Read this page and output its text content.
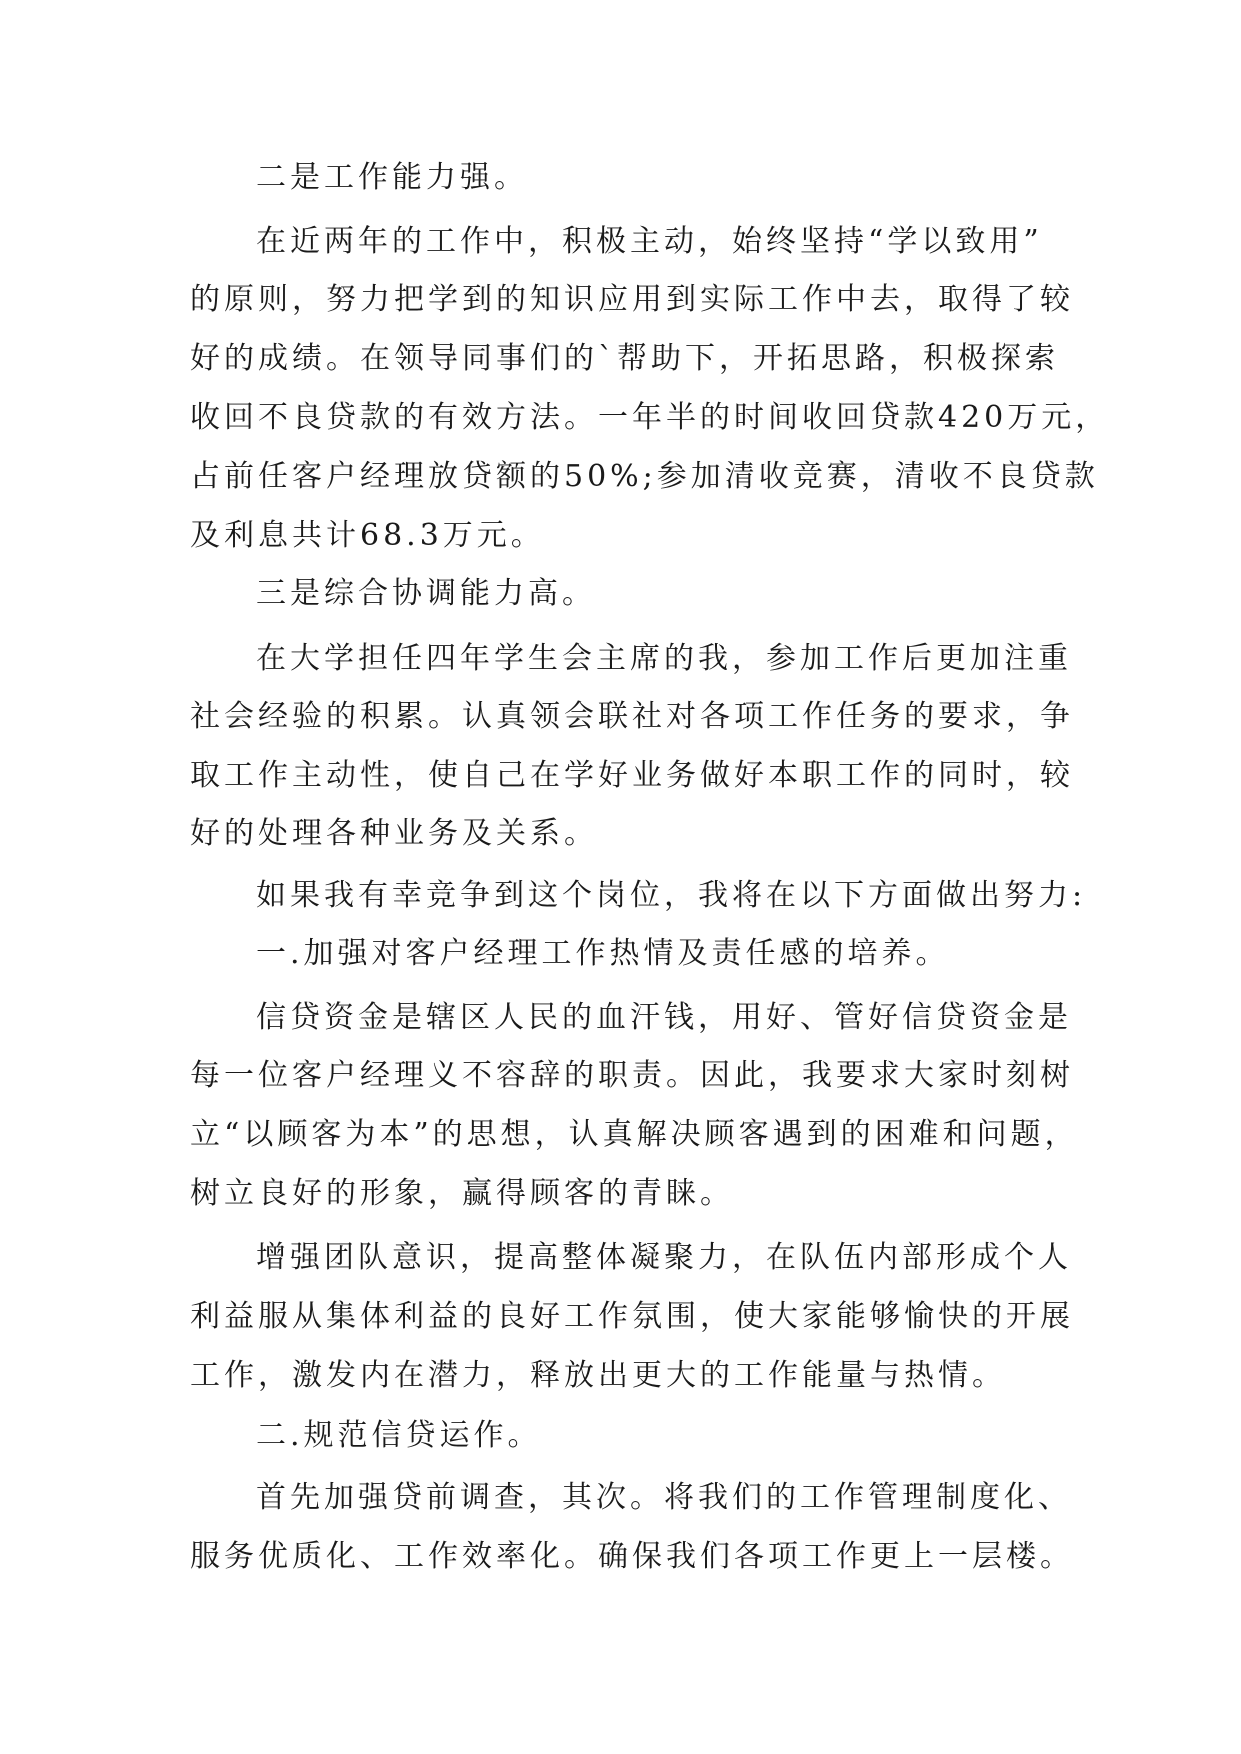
二是工作能力强。
在近两年的工作中，积极主动，始终坚持“学以致用”
的原则，努力把学到的知识应用到实际工作中去，取得了较
好的成绩。在领导同事们的`帮助下，开拓思路，积极探索
收回不良贷款的有效方法。一年半的时间收回贷款420万元，
占前任客户经理放贷额的50%;参加清收竞赛，清收不良贷款
及利息共计68.3万元。
三是综合协调能力高。
在大学担任四年学生会主席的我，参加工作后更加注重
社会经验的积累。认真领会联社对各项工作任务的要求，争
取工作主动性，使自己在学好业务做好本职工作的同时，较
好的处理各种业务及关系。
如果我有幸竞争到这个岗位，我将在以下方面做出努力:
一.加强对客户经理工作热情及责任感的培养。
信贷资金是辖区人民的血汗钱，用好、管好信贷资金是
每一位客户经理义不容辞的职责。因此，我要求大家时刻树
立“以顾客为本”的思想，认真解决顾客遇到的困难和问题，
树立良好的形象，赢得顾客的青睐。
增强团队意识，提高整体凝聚力，在队伍内部形成个人
利益服从集体利益的良好工作氛围，使大家能够愉快的开展
工作，激发内在潜力，释放出更大的工作能量与热情。
二.规范信贷运作。
首先加强贷前调查，其次。将我们的工作管理制度化、
服务优质化、工作效率化。确保我们各项工作更上一层楼。
